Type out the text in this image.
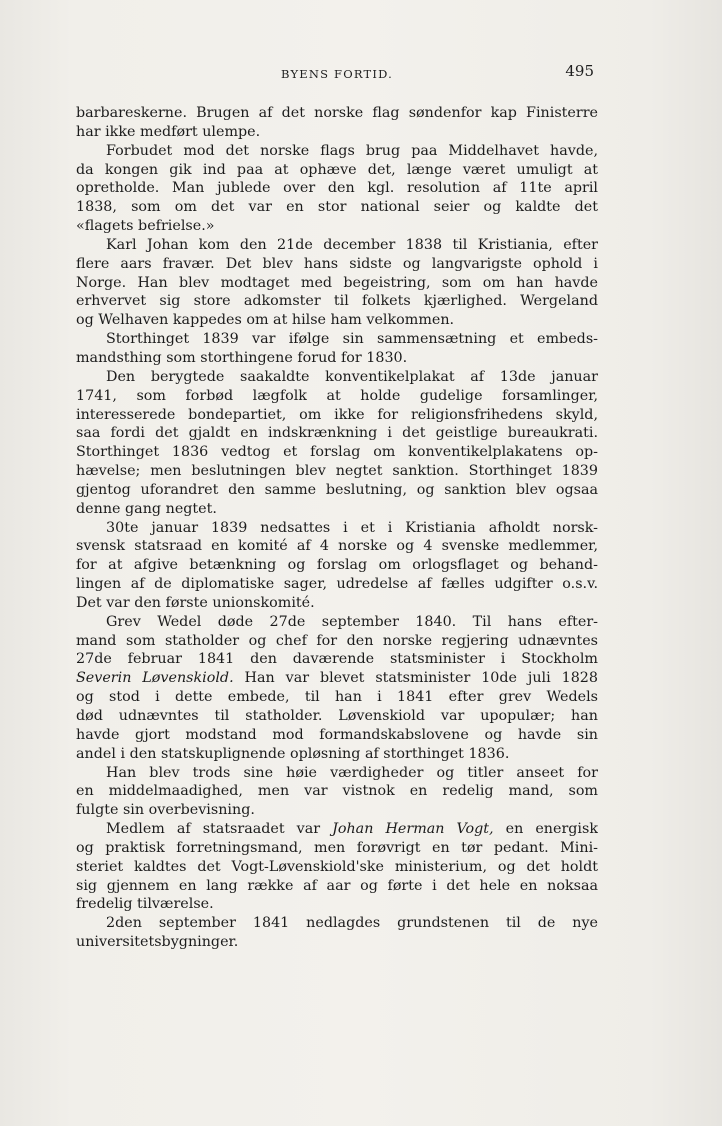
BYENS FORTID.	495
barbareskerne. Brugen af det norske flag søndenfor kap Finisterre
har ikke medført ulempe.
Forbudet mod det norske flags brug paa Middelhavet havde,
da kongen gik ind paa at ophæve det, længe været umuligt at
opretholde. Man jublede over den kgl. resolution af 11te april
1838, som om det var en stor national seier og kaldte det
«flagets befrielse.»
Karl Johan kom den 21de december 1838 til Kristiania, efter
flere aars fravær. Det blev hans sidste og langvarigste ophold i
Norge. Han blev modtaget med begeistring, som om han havde
erhvervet sig store adkomster til folkets kjærlighed. Wergeland
og Welhaven kappedes om at hilse ham velkommen.
Storthinget 1839 var ifølge sin sammensætning et embeds-
mandsthing som storthingene forud for 1830.
Den berygtede saakaldte konventikelplakat af 13de januar
1741, som forbød lægfolk at holde gudelige forsamlinger,
interesserede bondepartiet, om ikke for religionsfrihedens skyld,
saa fordi det gjaldt en indskrænkning i det geistlige bureaukrati.
Storthinget 1836 vedtog et forslag om konventikelplakatens op-
hævelse; men beslutningen blev negtet sanktion. Storthinget 1839
gjentog uforandret den samme beslutning, og sanktion blev ogsaa
denne gang negtet.
30te januar 1839 nedsattes i et i Kristiania afholdt norsk-
svensk statsraad en komité af 4 norske og 4 svenske medlemmer,
for at afgive betænkning og forslag om orlogsflaget og behand-
lingen af de diplomatiske sager, udredelse af fælles udgifter o.s.v.
Det var den første unionskomité.
Grev Wedel døde 27de september 1840. Til hans efter-
mand som statholder og chef for den norske regjering udnævntes
27de februar 1841 den daværende statsminister i Stockholm
Severin Løvenskiold. Han var blevet statsminister 10de juli 1828
og stod i dette embede, til han i 1841 efter grev Wedels
død udnævntes til statholder. Løvenskiold var upopulær; han
havde gjort modstand mod formandskabslovene og havde sin
andel i den statskuplignende opløsning af storthinget 1836.
Han blev trods sine høie værdigheder og titler anseet for
en middelmaadighed, men var vistnok en redelig mand, som
fulgte sin overbevisning.
Medlem af statsraadet var Johan Herman Vogt, en energisk
og praktisk forretningsmand, men forøvrigt en tør pedant. Mini-
steriet kaldtes det Vogt-Løvenskiold'ske ministerium, og det holdt
sig gjennem en lang række af aar og førte i det hele en noksaa
fredelig tilværelse.
2den september 1841 nedlagdes grundstenen til de nye
universitetsbygninger.
